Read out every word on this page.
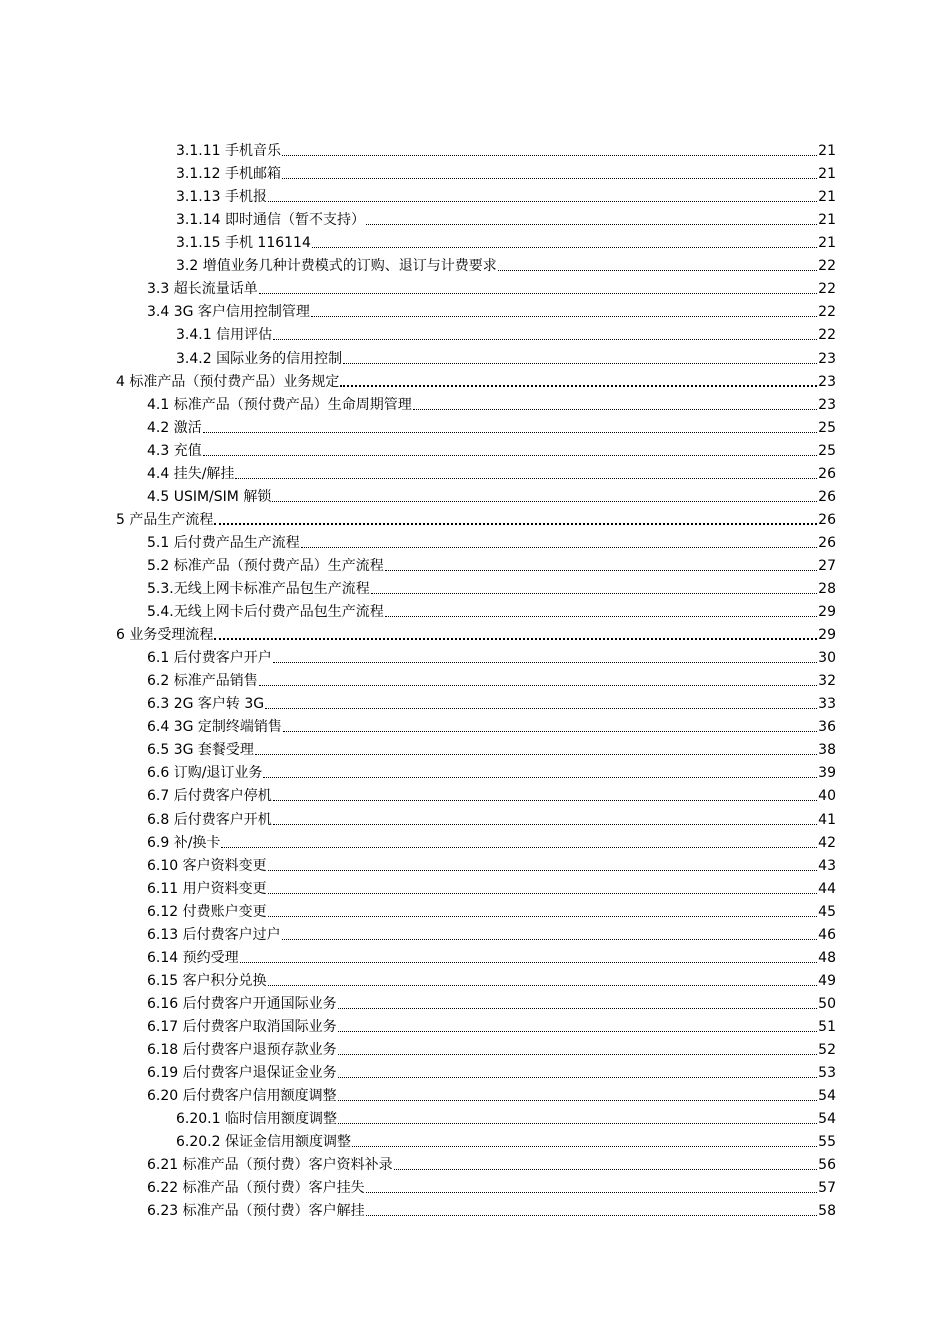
3.1.11 手机音乐	21
3.1.12 手机邮箱	21
3.1.13 手机报	21
3.1.14 即时通信（暂不支持）	21
3.1.15 手机 116114	21
3.2 增值业务几种计费模式的订购、退订与计费要求	22
3.3 超长流量话单	22
3.4 3G 客户信用控制管理	22
3.4.1 信用评估	22
3.4.2 国际业务的信用控制	23
4 标准产品（预付费产品）业务规定	23
4.1 标准产品（预付费产品）生命周期管理	23
4.2 激活	25
4.3 充值	25
4.4 挂失/解挂	26
4.5 USIM/SIM 解锁	26
5 产品生产流程	26
5.1 后付费产品生产流程	26
5.2 标准产品（预付费产品）生产流程	27
5.3.无线上网卡标准产品包生产流程	28
5.4.无线上网卡后付费产品包生产流程	29
6 业务受理流程	29
6.1 后付费客户开户	30
6.2 标准产品销售	32
6.3 2G 客户转 3G	33
6.4 3G 定制终端销售	36
6.5 3G 套餐受理	38
6.6 订购/退订业务	39
6.7 后付费客户停机	40
6.8 后付费客户开机	41
6.9 补/换卡	42
6.10 客户资料变更	43
6.11 用户资料变更	44
6.12 付费账户变更	45
6.13 后付费客户过户	46
6.14 预约受理	48
6.15 客户积分兑换	49
6.16 后付费客户开通国际业务	50
6.17 后付费客户取消国际业务	51
6.18 后付费客户退预存款业务	52
6.19 后付费客户退保证金业务	53
6.20 后付费客户信用额度调整	54
6.20.1 临时信用额度调整	54
6.20.2 保证金信用额度调整	55
6.21 标准产品（预付费）客户资料补录	56
6.22 标准产品（预付费）客户挂失	57
6.23 标准产品（预付费）客户解挂	58
